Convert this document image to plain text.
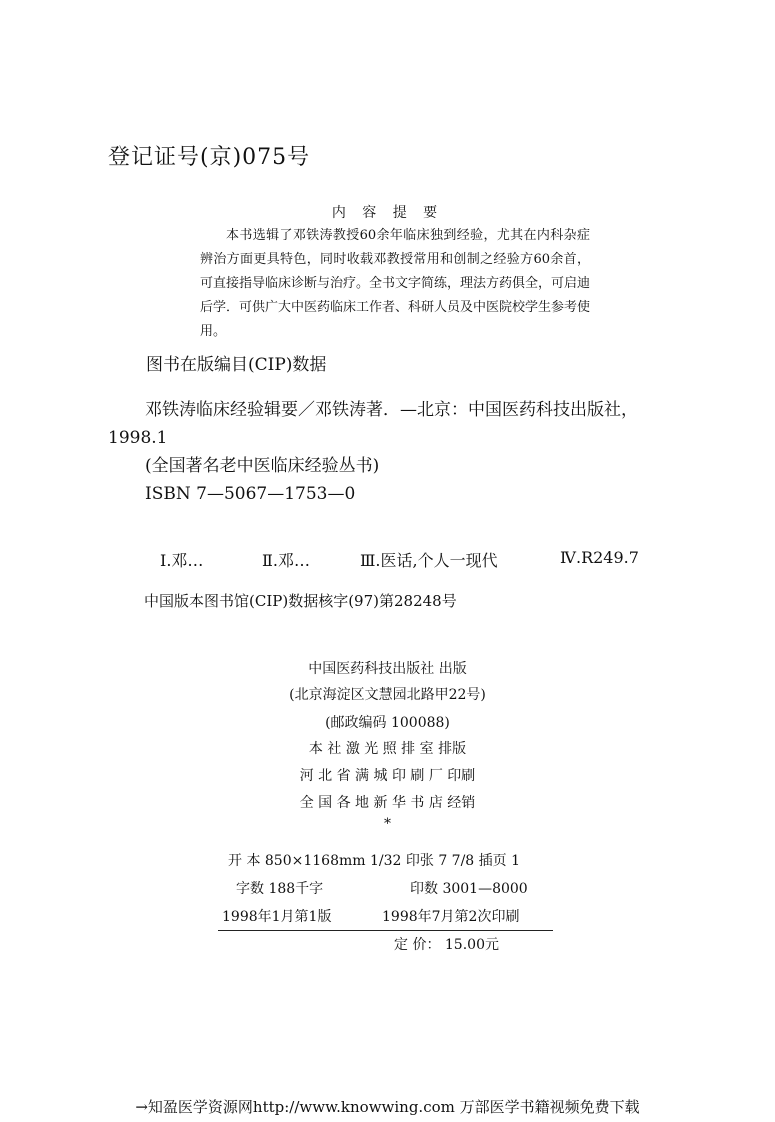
登记证号(京)075号
内 容 提 要

本书选辑了邓铁涛教授60余年临床独到经验，尤其在内科杂症辨治方面更具特色，同时收载邓教授常用和创制之经验方60余首，可直接指导临床诊断与治疗。全书文字简练，理法方药俱全，可启迪后学．可供广大中医药临床工作者、科研人员及中医院校学生参考使用。

图书在版编目(CIP)数据
邓铁涛临床经验辑要／邓铁涛著．—北京：中国医药科技出版社，1998.1
(全国著名老中医临床经验丛书)
ISBN 7—5067—1753—0
Ⅰ.邓…	Ⅱ.邓…	Ⅲ.医话,个人一现代	Ⅳ.R249.7
中国版本图书馆(CIP)数据核字(97)第28248号
中国医药科技出版社 出版
(北京海淀区文慧园北路甲22号)
(邮政编码 100088)
本 社 激 光 照 排 室 排版
河 北 省 满 城 印 刷 厂 印刷
全 国 各 地 新 华 书 店 经销
*
开 本 850×1168mm 1/32 印张 7 7/8 插页 1
字数 188千字	印数 3001—8000
1998年1月第1版	1998年7月第2次印刷
定 价： 15.00元
→知盈医学资源网http://www.knowwing.com 万部医学书籍视频免费下载
